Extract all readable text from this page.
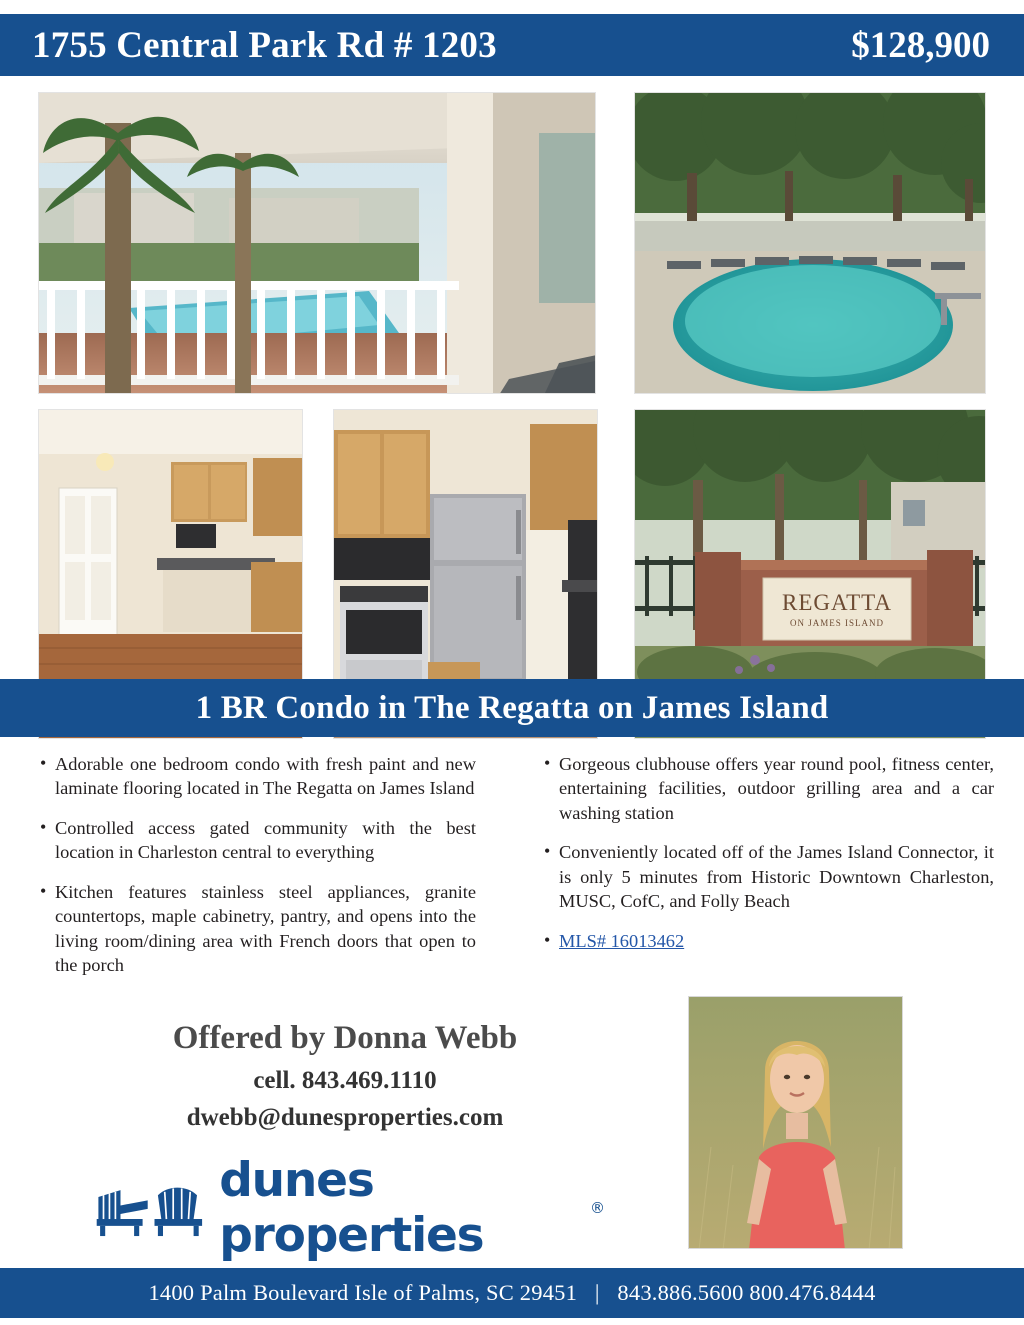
1755 Central Park Rd # 1203	$128,900
REGATTA
ON JAMES ISLAND
1 BR Condo in The Regatta on James Island
• Adorable one bedroom condo with fresh paint and new laminate flooring located in The Regatta on James Island
• Controlled access gated community with the best location in Charleston central to everything
• Kitchen features stainless steel appliances, granite countertops, maple cabinetry, pantry, and opens into the living room/dining area with French doors that open to the porch
• Gorgeous clubhouse offers year round pool, fitness center, entertaining facilities, outdoor grilling area and a car washing station
• Conveniently located off of the James Island Connector, it is only 5 minutes from Historic Downtown Charleston, MUSC, CofC, and Folly Beach
• MLS# 16013462
Offered by Donna Webb
cell. 843.469.1110
dwebb@dunesproperties.com
dunes properties	®
1400 Palm Boulevard Isle of Palms, SC 29451 | 843.886.5600 800.476.8444
